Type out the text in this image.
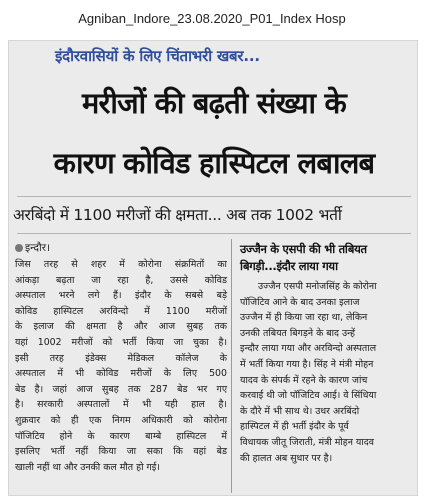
Agniban_Indore_23.08.2020_P01_Index Hosp
इंदौरवासियों के लिए चिंताभरी खबर...
मरीजों की बढ़ती संख्या के
कारण कोविड हास्पिटल लबालब
अरबिंदो में 1100 मरीजों की क्षमता... अब तक 1002 भर्ती
इन्दौर।

जिस तरह से शहर में कोरोना संक्रमितों का

आंकड़ा बढ़ता जा रहा है, उससे कोविड

अस्पताल भरने लगे हैं। इंदौर के सबसे बड़े

कोविड हास्पिटल अरविन्दो में 1100 मरीजों

के इलाज की क्षमता है और आज सुबह तक

यहां 1002 मरीजों को भर्ती किया जा चुका है।

इसी तरह इंडेक्स मेडिकल कॉलेज के

अस्पताल में भी कोविड मरीजों के लिए 500

बेड है। जहां आज सुबह तक 287 बेड भर गए

है। सरकारी अस्पतालों में भी यही हाल है।

शुक्रवार को ही एक निगम अधिकारी को कोरोना

पॉजिटिव होने के कारण बाम्बे हास्पिटल में

इसलिए भर्ती नहीं किया जा सका कि वहां बेड

खाली नहीं था और उनकी कल मौत हो गई।

उज्जैन के एसपी की भी तबियत
बिगड़ी...इंदौर लाया गया

उज्जैन एसपी मनोजसिंह के कोरोना

पॉजिटिव आने के बाद उनका इलाज

उज्जैन में ही किया जा रहा था, लेकिन

उनकी तबियत बिगड़ने के बाद उन्हें

इन्दौर लाया गया और अरविन्दो अस्पताल

में भर्ती किया गया है। सिंह ने मंत्री मोहन

यादव के संपर्क में रहने के कारण जांच

करवाई थी जो पॉजिटिव आई। वे सिंधिया

के दौरे में भी साथ थे। उधर अरबिंदो

हास्पिटल में ही भर्ती इंदौर के पूर्व

विधायक जीतू जिराती, मंत्री मोहन यादव

की हालत अब सुधार पर है।
